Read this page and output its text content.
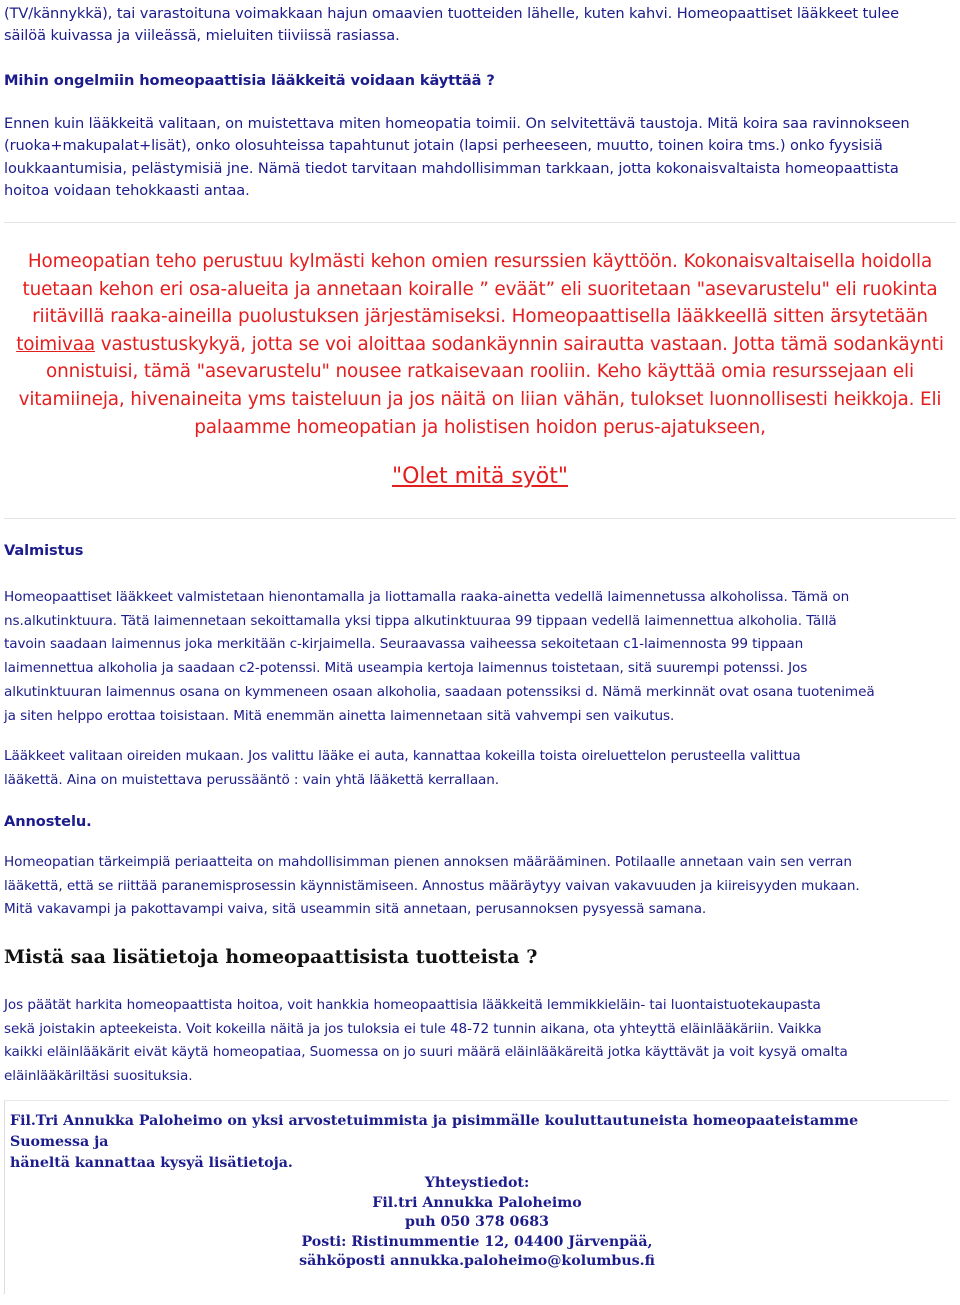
(TV/kännykkä), tai varastoituna voimakkaan hajun omaavien tuotteiden lähelle, kuten kahvi. Homeopaattiset lääkkeet tulee
säilöä kuivassa ja viileässä, mieluiten tiiviissä rasiassa.
Mihin ongelmiin homeopaattisia lääkkeitä voidaan käyttää ?
Ennen kuin lääkkeitä valitaan, on muistettava miten homeopatia toimii. On selvitettävä taustoja. Mitä koira saa ravinnokseen
(ruoka+makupalat+lisät), onko olosuhteissa tapahtunut jotain (lapsi perheeseen, muutto, toinen koira tms.) onko fyysisiä
loukkaantumisia, pelästymisiä jne. Nämä tiedot tarvitaan mahdollisimman tarkkaan, jotta kokonaisvaltaista homeopaattista
hoitoa voidaan tehokkaasti antaa.
Homeopatian teho perustuu kylmästi kehon omien resurssien käyttöön. Kokonaisvaltaisella hoidolla
tuetaan kehon eri osa-alueita ja annetaan koiralle ” eväät” eli suoritetaan "asevarustelu" eli ruokinta
riitävillä raaka-aineilla puolustuksen järjestämiseksi. Homeopaattisella lääkkeellä sitten ärsytetään
toimivaa vastustuskykyä, jotta se voi aloittaa sodankäynnin sairautta vastaan. Jotta tämä sodankäynti
onnistuisi, tämä "asevarustelu" nousee ratkaisevaan rooliin. Keho käyttää omia resurssejaan eli
vitamiineja, hivenaineita yms taisteluun ja jos näitä on liian vähän, tulokset luonnollisesti heikkoja. Eli
palaamme homeopatian ja holistisen hoidon perus-ajatukseen,
"Olet mitä syöt"
Valmistus
Homeopaattiset lääkkeet valmistetaan hienontamalla ja liottamalla raaka-ainetta vedellä laimennetussa alkoholissa. Tämä on
ns.alkutinktuura. Tätä laimennetaan sekoittamalla yksi tippa alkutinktuuraa 99 tippaan vedellä laimennettua alkoholia. Tällä
tavoin saadaan laimennus joka merkitään c-kirjaimella. Seuraavassa vaiheessa sekoitetaan c1-laimennosta 99 tippaan
laimennettua alkoholia ja saadaan c2-potenssi. Mitä useampia kertoja laimennus toistetaan, sitä suurempi potenssi. Jos
alkutinktuuran laimennus osana on kymmeneen osaan alkoholia, saadaan potenssiksi d. Nämä merkinnät ovat osana tuotenimeä
ja siten helppo erottaa toisistaan. Mitä enemmän ainetta laimennetaan sitä vahvempi sen vaikutus.
Lääkkeet valitaan oireiden mukaan. Jos valittu lääke ei auta, kannattaa kokeilla toista oireluettelon perusteella valittua
lääkettä. Aina on muistettava perussääntö : vain yhtä lääkettä kerrallaan.
Annostelu.
Homeopatian tärkeimpiä periaatteita on mahdollisimman pienen annoksen määrääminen. Potilaalle annetaan vain sen verran
lääkettä, että se riittää paranemisprosessin käynnistämiseen. Annostus määräytyy vaivan vakavuuden ja kiireisyyden mukaan.
Mitä vakavampi ja pakottavampi vaiva, sitä useammin sitä annetaan, perusannoksen pysyessä samana.
Mistä saa lisätietoja homeopaattisista tuotteista ?
Jos päätät harkita homeopaattista hoitoa, voit hankkia homeopaattisia lääkkeitä lemmikkieläin- tai luontaistuotekaupasta
sekä joistakin apteekeista. Voit kokeilla näitä ja jos tuloksia ei tule 48-72 tunnin aikana, ota yhteyttä eläinlääkäriin. Vaikka
kaikki eläinlääkärit eivät käytä homeopatiaa, Suomessa on jo suuri määrä eläinlääkäreitä jotka käyttävät ja voit kysyä omalta
eläinlääkäriltäsi suosituksia.
Fil.Tri Annukka Paloheimo on yksi arvostetuimmista ja pisimmälle kouluttautuneista homeopaateistamme Suomessa ja
häneltä kannattaa kysyä lisätietoja.
Yhteystiedot:
Fil.tri Annukka Paloheimo
puh 050 378 0683
Posti: Ristinummentie 12, 04400 Järvenpää,
sähköposti annukka.paloheimo@kolumbus.fi
